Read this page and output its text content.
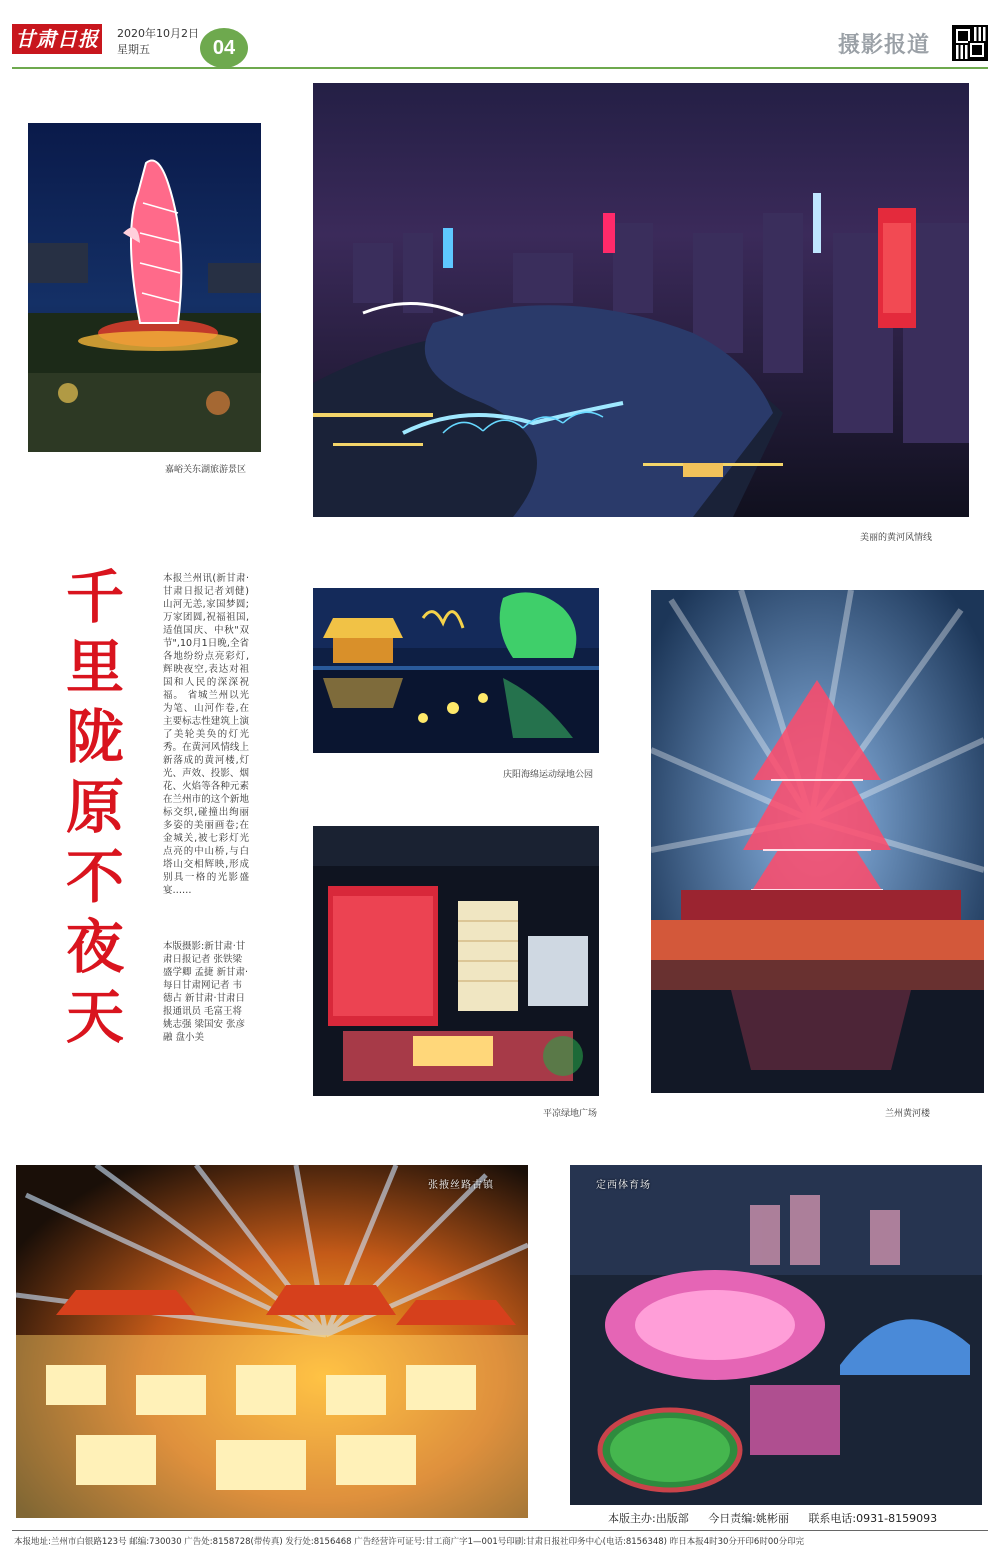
甘肃日报 2020年10月2日
星期五	04	摄影报道
嘉峪关东湖旅游景区
美丽的黄河风情线
千里陇原不夜天
本报兰州讯(新甘肃·甘肃日报记者刘健)山河无恙,家国梦圆;万家团圆,祝福祖国,适值国庆、中秋"双节",10月1日晚,全省各地纷纷点亮彩灯,辉映夜空,表达对祖国和人民的深深祝福。 省城兰州以光为笔、山河作卷,在主要标志性建筑上演了美轮美奂的灯光秀。在黄河风情线上新落成的黄河楼,灯光、声效、投影、烟花、火焰等各种元素在兰州市的这个新地标交织,碰撞出绚丽多姿的美丽画卷;在金城关,被七彩灯光点亮的中山桥,与白塔山交相辉映,形成别具一格的光影盛宴……
本版摄影:新甘肃·甘肃日报记者 张铁梁 盛学卿 孟捷 新甘肃·每日甘肃网记者 韦德占 新甘肃·甘肃日报通讯员 毛富王将 姚志强 梁国安 张彦融 盘小美
庆阳海绵运动绿地公园
平凉绿地广场	兰州黄河楼
张掖丝路古镇	定西体育场
本版主办:出版部 今日责编:姚彬丽 联系电话:0931-8159093
本报地址:兰州市白银路123号 邮编:730030 广告处:8158728(带传真) 发行处:8156468 广告经营许可证号:甘工商广字1—001号印刷:甘肃日报社印务中心(电话:8156348) 昨日本报4时30分开印6时00分印完
